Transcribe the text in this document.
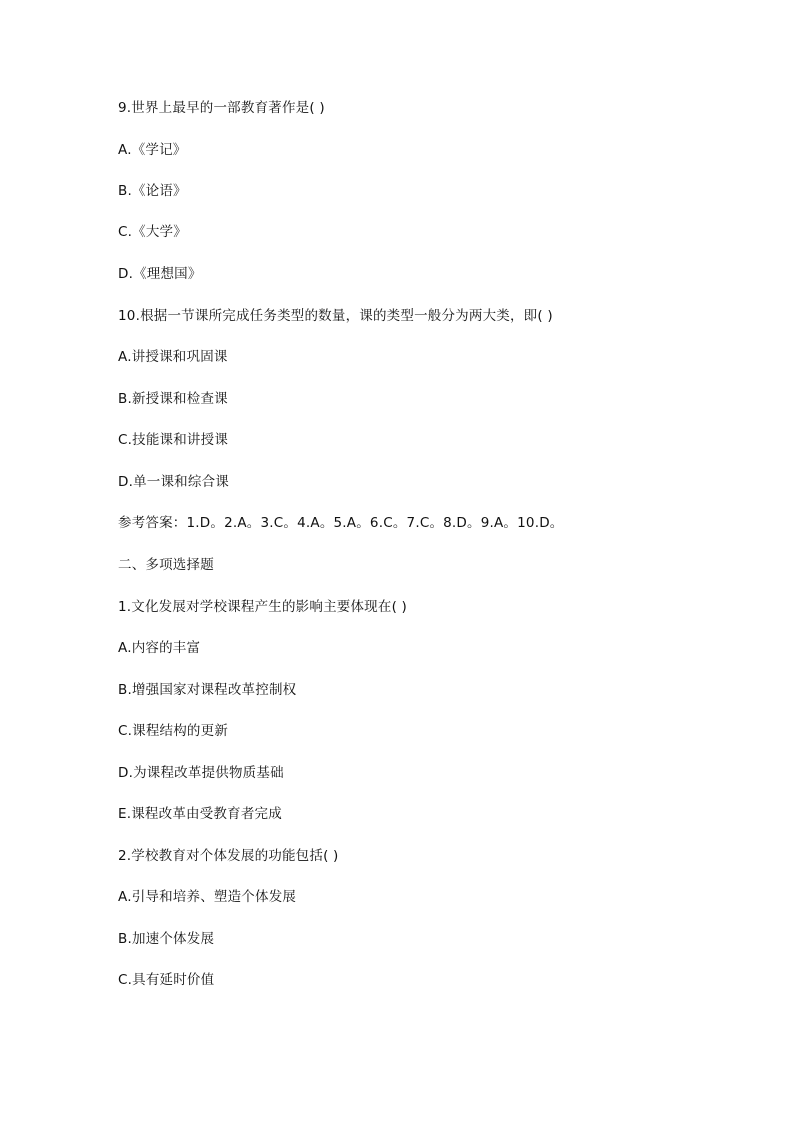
9.世界上最早的一部教育著作是( )
A.《学记》
B.《论语》
C.《大学》
D.《理想国》
10.根据一节课所完成任务类型的数量，课的类型一般分为两大类，即( )
A.讲授课和巩固课
B.新授课和检查课
C.技能课和讲授课
D.单一课和综合课
参考答案：1.D。2.A。3.C。4.A。5.A。6.C。7.C。8.D。9.A。10.D。
二、多项选择题
1.文化发展对学校课程产生的影响主要体现在( )
A.内容的丰富
B.增强国家对课程改革控制权
C.课程结构的更新
D.为课程改革提供物质基础
E.课程改革由受教育者完成
2.学校教育对个体发展的功能包括( )
A.引导和培养、塑造个体发展
B.加速个体发展
C.具有延时价值
